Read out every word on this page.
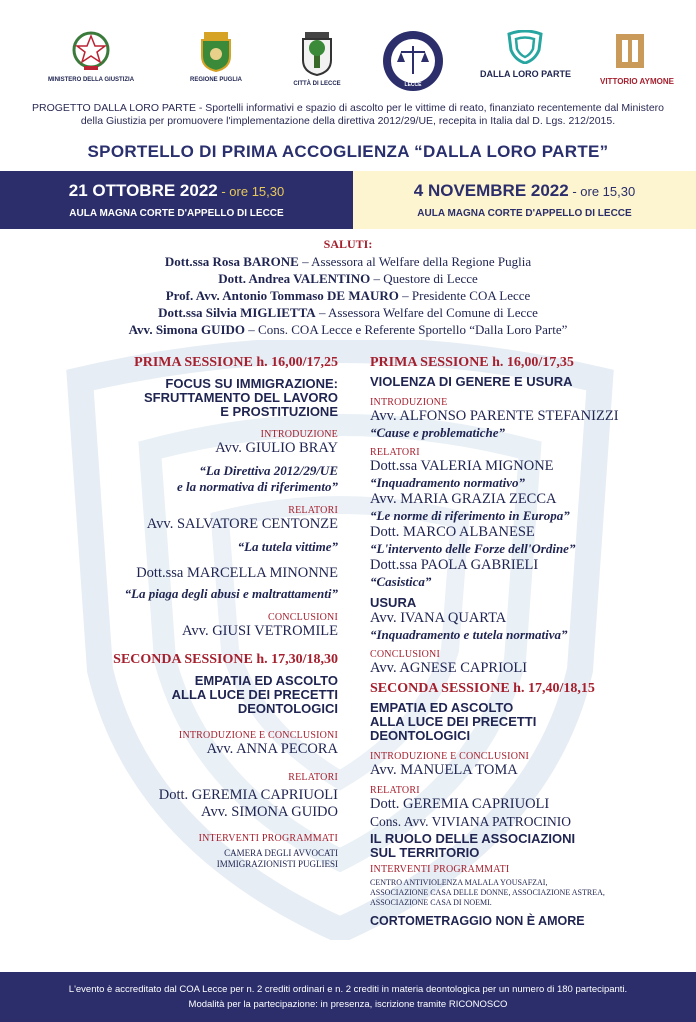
MINISTERO DELLA GIUSTIZIA	REGIONE PUGLIA
CITTÀ DI LECCE	LECCE
DALLA LORO PARTE
VITTORIO AYMONE
PROGETTO DALLA LORO PARTE - Sportelli informativi e spazio di ascolto per le vittime di reato, finanziato recentemente dal Ministero della Giustizia per promuovere l'implementazione della direttiva 2012/29/UE, recepita in Italia dal D. Lgs. 212/2015.
SPORTELLO DI PRIMA ACCOGLIENZA “DALLA LORO PARTE”
21 OTTOBRE 2022 - ore 15,30
AULA MAGNA CORTE D'APPELLO DI LECCE
4 NOVEMBRE 2022 - ore 15,30
AULA MAGNA CORTE D'APPELLO DI LECCE
SALUTI:
Dott.ssa Rosa BARONE – Assessora al Welfare della Regione Puglia
Dott. Andrea VALENTINO – Questore di Lecce
Prof. Avv. Antonio Tommaso DE MAURO – Presidente COA Lecce
Dott.ssa Silvia MIGLIETTA – Assessora Welfare del Comune di Lecce
Avv. Simona GUIDO – Cons. COA Lecce e Referente Sportello “Dalla Loro Parte”
PRIMA SESSIONE h. 16,00/17,25
FOCUS SU IMMIGRAZIONE:
SFRUTTAMENTO DEL LAVORO
E PROSTITUZIONE
INTRODUZIONE
Avv. GIULIO BRAY
“La Direttiva 2012/29/UE
e la normativa di riferimento”
RELATORI
Avv. SALVATORE CENTONZE
“La tutela vittime”
Dott.ssa MARCELLA MINONNE
“La piaga degli abusi e maltrattamenti”
CONCLUSIONI
Avv. GIUSI VETROMILE
SECONDA SESSIONE h. 17,30/18,30
EMPATIA ED ASCOLTO
ALLA LUCE DEI PRECETTI
DEONTOLOGICI
INTRODUZIONE E CONCLUSIONI
Avv. ANNA PECORA
RELATORI
Dott. GEREMIA CAPRIUOLI
Avv. SIMONA GUIDO
INTERVENTI PROGRAMMATI
CAMERA DEGLI AVVOCATI
IMMIGRAZIONISTI PUGLIESI
PRIMA SESSIONE h. 16,00/17,35
VIOLENZA DI GENERE E USURA
INTRODUZIONE
Avv. ALFONSO PARENTE STEFANIZZI
“Cause e problematiche”
RELATORI
Dott.ssa VALERIA MIGNONE
“Inquadramento normativo”
Avv. MARIA GRAZIA ZECCA
“Le norme di riferimento in Europa”
Dott. MARCO ALBANESE
“L'intervento delle Forze dell'Ordine”
Dott.ssa PAOLA GABRIELI
“Casistica”
USURA
Avv. IVANA QUARTA
“Inquadramento e tutela normativa”
CONCLUSIONI
Avv. AGNESE CAPRIOLI
SECONDA SESSIONE h. 17,40/18,15
EMPATIA ED ASCOLTO
ALLA LUCE DEI PRECETTI
DEONTOLOGICI
INTRODUZIONE E CONCLUSIONI
Avv. MANUELA TOMA
RELATORI
Dott. GEREMIA CAPRIUOLI
Cons. Avv. VIVIANA PATROCINIO
IL RUOLO DELLE ASSOCIAZIONI
SUL TERRITORIO
INTERVENTI PROGRAMMATI
CENTRO ANTIVIOLENZA MALALA YOUSAFZAI,
ASSOCIAZIONE CASA DELLE DONNE, ASSOCIAZIONE ASTREA,
ASSOCIAZIONE CASA DI NOEMI.
CORTOMETRAGGIO NON È AMORE
L'evento è accreditato dal COA Lecce per n. 2 crediti ordinari e n. 2 crediti in materia deontologica per un numero di 180 partecipanti.
Modalità per la partecipazione: in presenza, iscrizione tramite RICONOSCO
